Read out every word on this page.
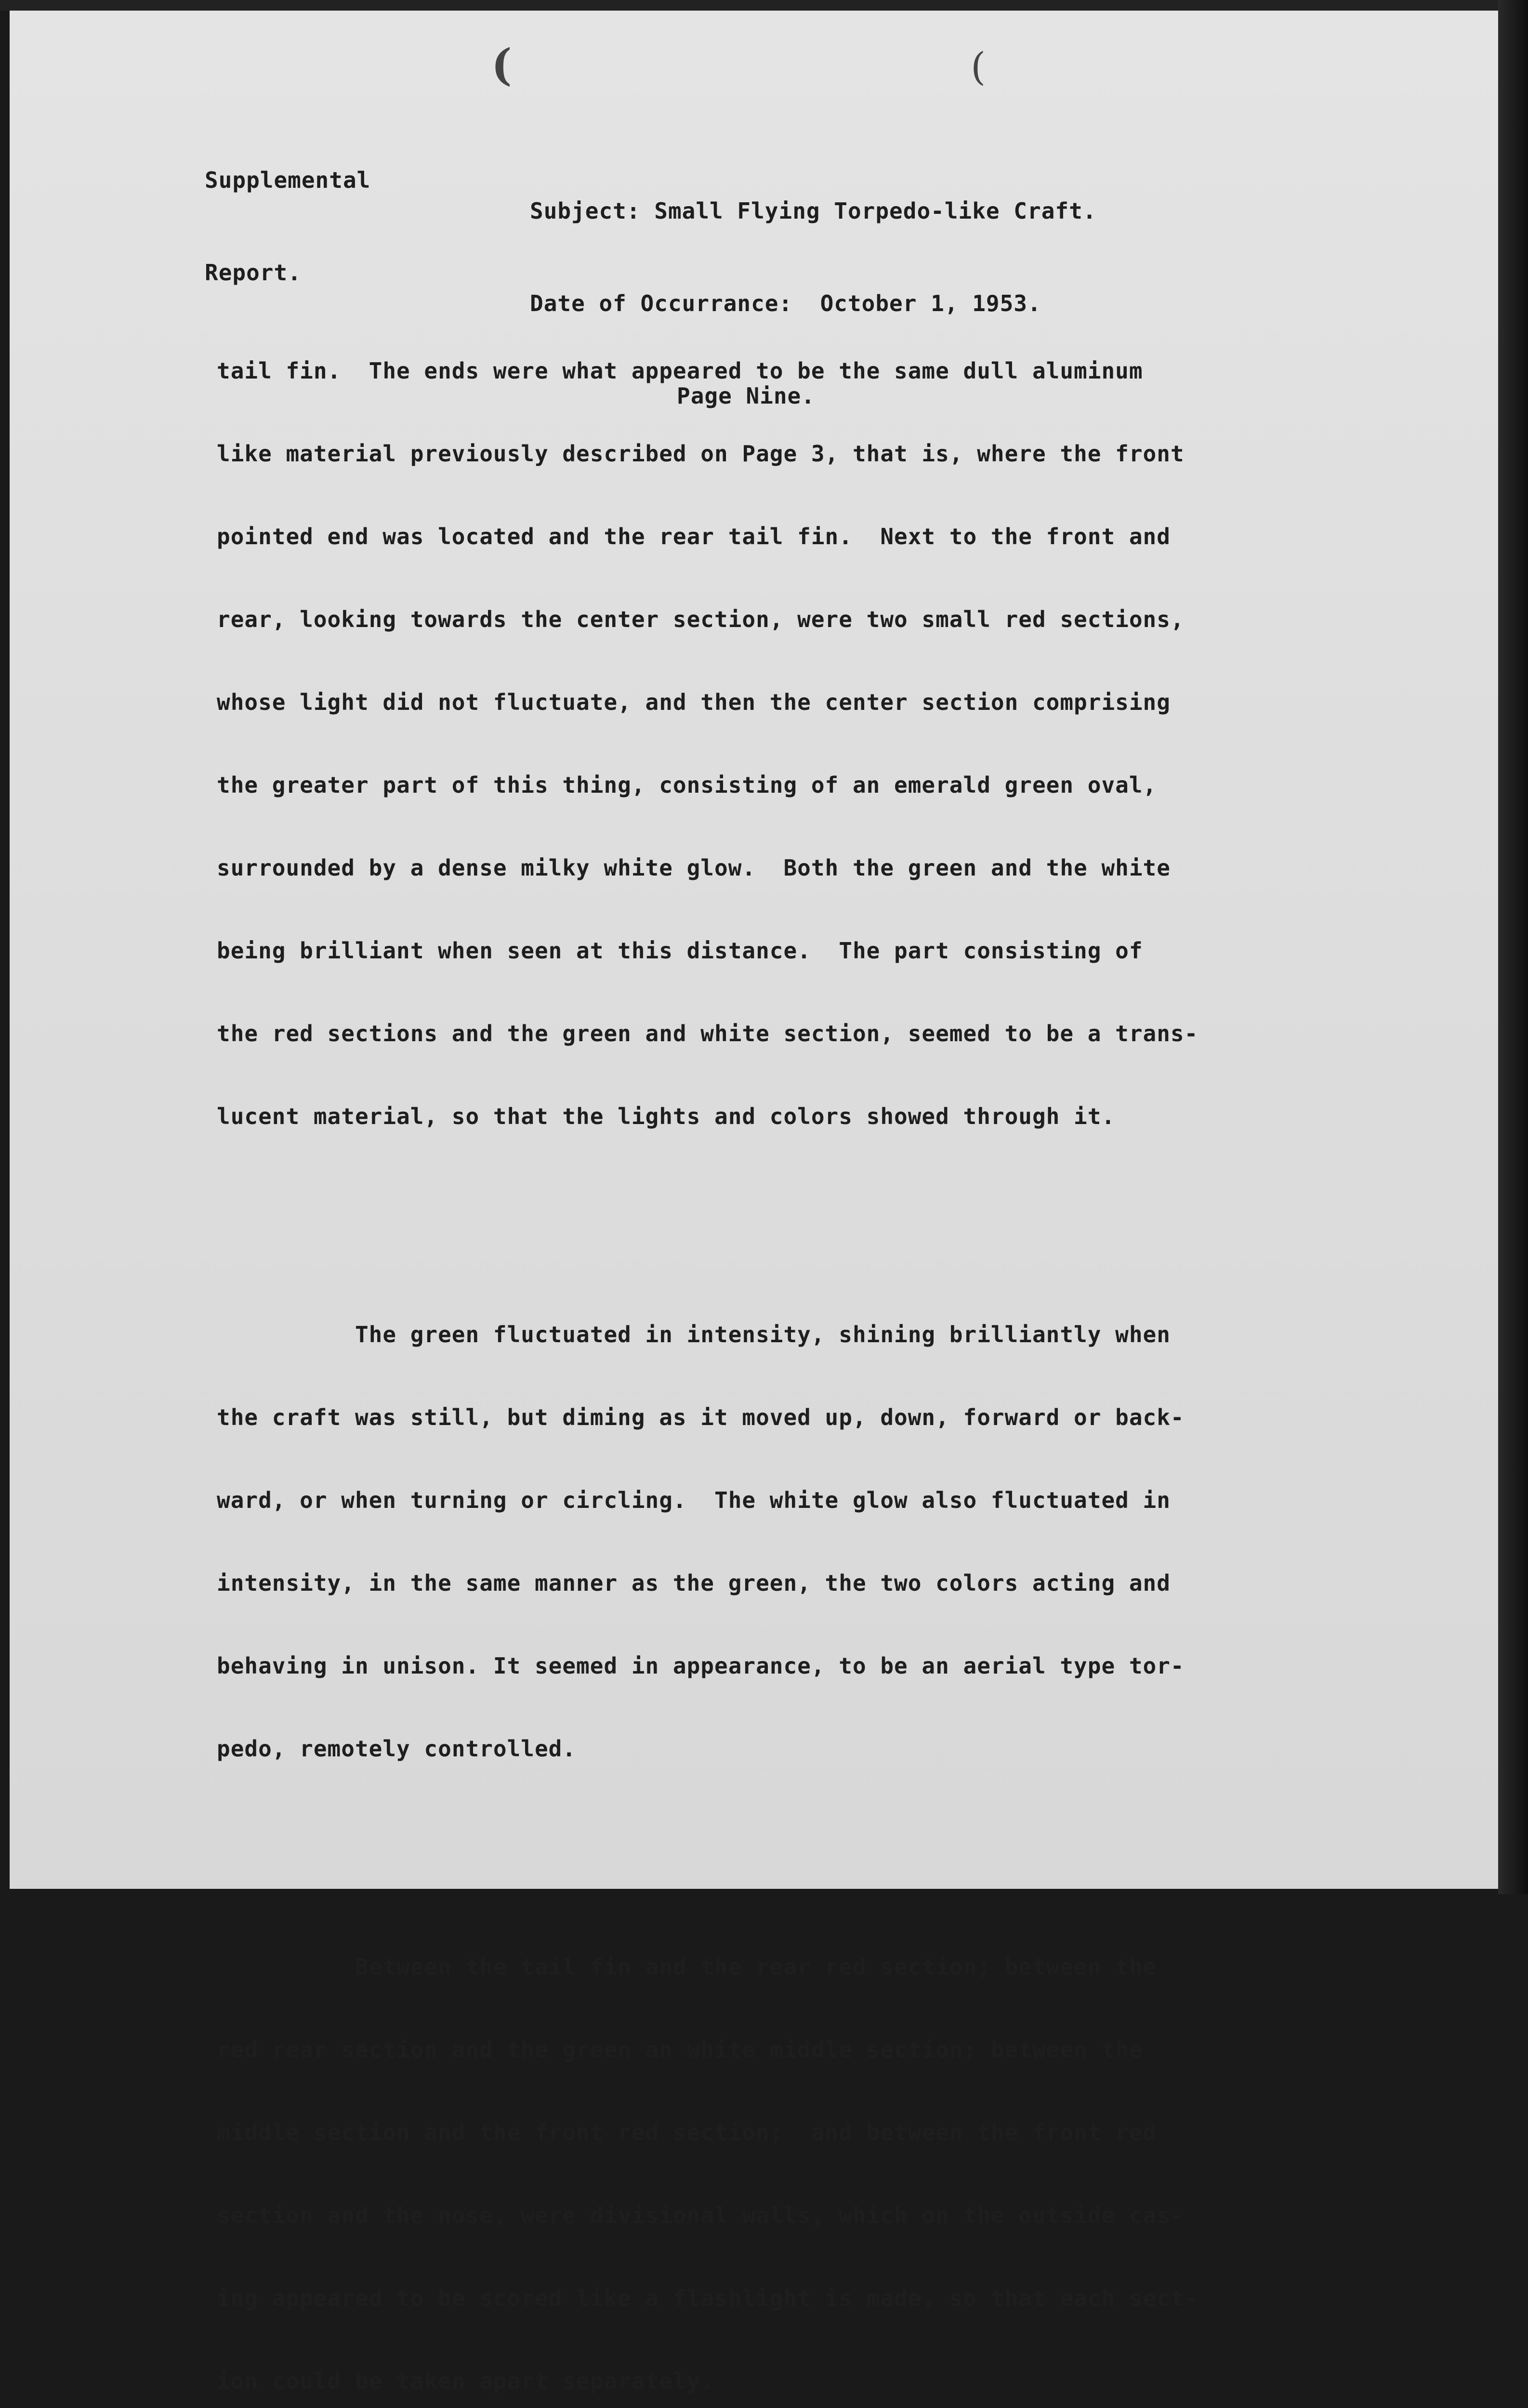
(	(

Supplemental

Report.

Subject: Small Flying Torpedo-like Craft.

Date of Occurrance:  October 1, 1953.

Page Nine.

tail fin.  The ends were what appeared to be the same dull aluminum

like material previously described on Page 3, that is, where the front

pointed end was located and the rear tail fin.  Next to the front and

rear, looking towards the center section, were two small red sections,

whose light did not fluctuate, and then the center section comprising

the greater part of this thing, consisting of an emerald green oval,

surrounded by a dense milky white glow.  Both the green and the white

being brilliant when seen at this distance.  The part consisting of

the red sections and the green and white section, seemed to be a trans-

lucent material, so that the lights and colors showed through it.

The green fluctuated in intensity, shining brilliantly when

the craft was still, but diming as it moved up, down, forward or back-

ward, or when turning or circling.  The white glow also fluctuated in

intensity, in the same manner as the green, the two colors acting and

behaving in unison. It seemed in appearance, to be an aerial type tor-

pedo, remotely controlled.

Between the tail fin and the rear red section; between the

red rear section and the green an white middle section; between the

middle section and the front red section;  and between the front red

section and the nose, were divisional walls, which on the outside cas-

ing appeared to be scored like a flashlight is made, so that each sect-

ion could be taken apart separately.
